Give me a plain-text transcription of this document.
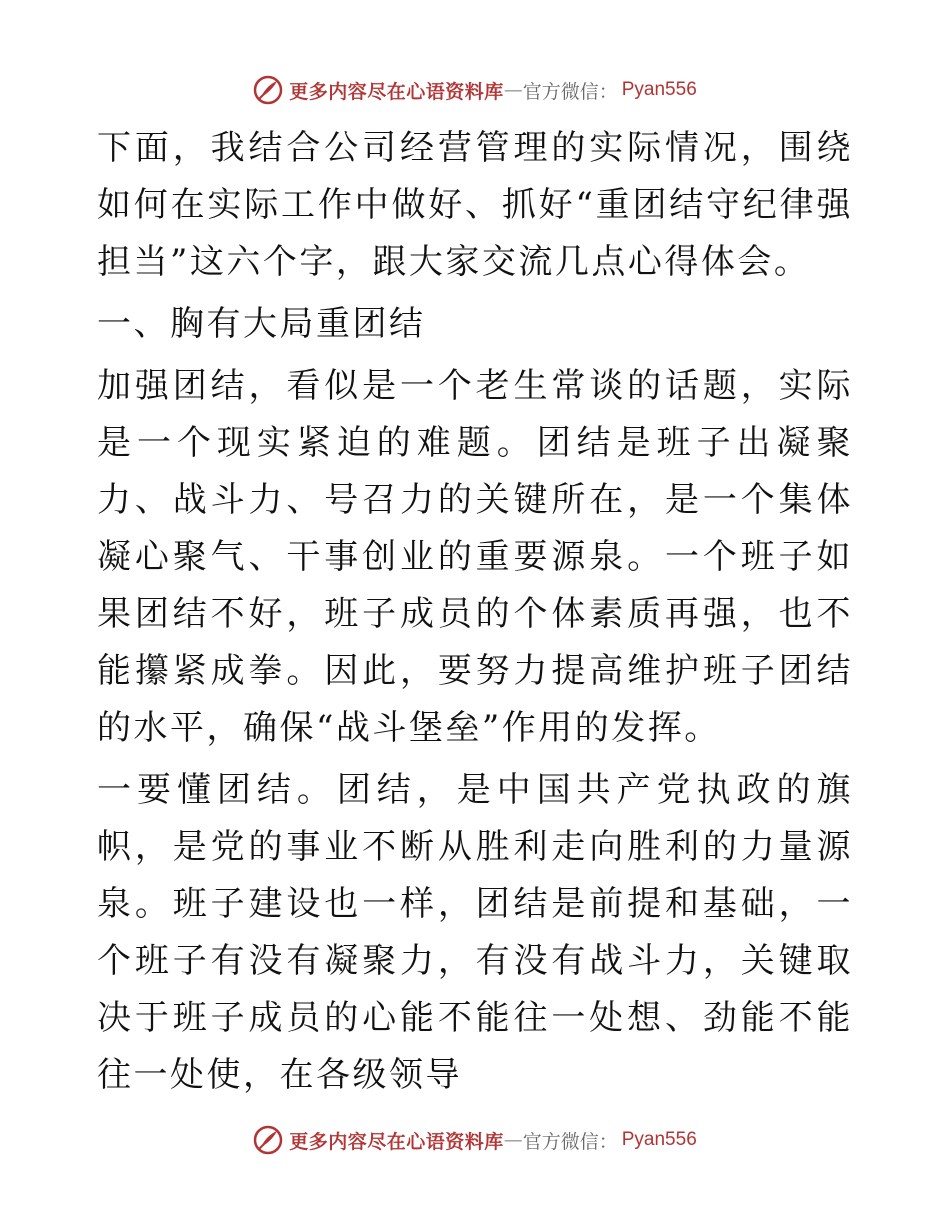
更多内容尽在心语资料库 — 官方微信： Pyan556

下面，我结合公司经营管理的实际情况，围绕如何在实际工作中做好、抓好“重团结守纪律强担当”这六个字，跟大家交流几点心得体会。

一、胸有大局重团结

加强团结，看似是一个老生常谈的话题，实际是一个现实紧迫的难题。团结是班子出凝聚力、战斗力、号召力的关键所在，是一个集体凝心聚气、干事创业的重要源泉。一个班子如果团结不好，班子成员的个体素质再强，也不能攥紧成拳。因此，要努力提高维护班子团结的水平，确保“战斗堡垒”作用的发挥。

一要懂团结。团结，是中国共产党执政的旗帜，是党的事业不断从胜利走向胜利的力量源泉。班子建设也一样，团结是前提和基础，一个班子有没有凝聚力，有没有战斗力，关键取决于班子成员的心能不能往一处想、劲能不能往一处使，在各级领导

更多内容尽在心语资料库 — 官方微信： Pyan556
